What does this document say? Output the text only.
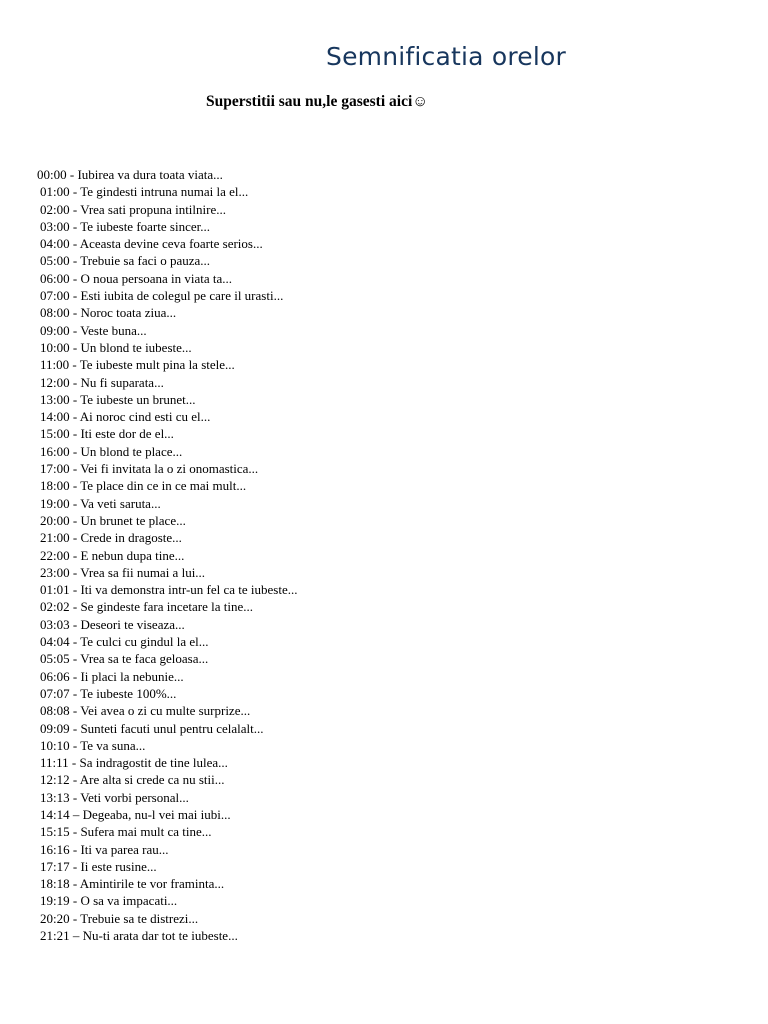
Semnificatia orelor
Superstitii sau nu,le gasesti aici☺
00:00 - Iubirea va dura toata viata...
01:00 - Te gindesti intruna numai la el...
02:00 - Vrea sati propuna intilnire...
03:00 - Te iubeste foarte sincer...
04:00 - Aceasta devine ceva foarte serios...
05:00 - Trebuie sa faci o pauza...
06:00 - O noua persoana in viata ta...
07:00 - Esti iubita de colegul pe care il urasti...
08:00 - Noroc toata ziua...
09:00 - Veste buna...
10:00 - Un blond te iubeste...
11:00 - Te iubeste mult pina la stele...
12:00 - Nu fi suparata...
13:00 - Te iubeste un brunet...
14:00 - Ai noroc cind esti cu el...
15:00 - Iti este dor de el...
16:00 - Un blond te place...
17:00 - Vei fi invitata la o zi onomastica...
18:00 - Te place din ce in ce mai mult...
19:00 - Va veti saruta...
20:00 - Un brunet te place...
21:00 - Crede in dragoste...
22:00 - E nebun dupa tine...
23:00 - Vrea sa fii numai a lui...
01:01 - Iti va demonstra intr-un fel ca te iubeste...
02:02 - Se gindeste fara incetare la tine...
03:03 - Deseori te viseaza...
04:04 - Te culci cu gindul la el...
05:05 - Vrea sa te faca geloasa...
06:06 - Ii placi la nebunie...
07:07 - Te iubeste 100%...
08:08 - Vei avea o zi cu multe surprize...
09:09 - Sunteti facuti unul pentru celalalt...
10:10 - Te va suna...
11:11 - Sa indragostit de tine lulea...
12:12 - Are alta si crede ca nu stii...
13:13 - Veti vorbi personal...
14:14 – Degeaba, nu-l vei mai iubi...
15:15 - Sufera mai mult ca tine...
16:16 - Iti va parea rau...
17:17 - Ii este rusine...
18:18 - Amintirile te vor framinta...
19:19 - O sa va impacati...
20:20 - Trebuie sa te distrezi...
21:21 – Nu-ti arata dar tot te iubeste...
